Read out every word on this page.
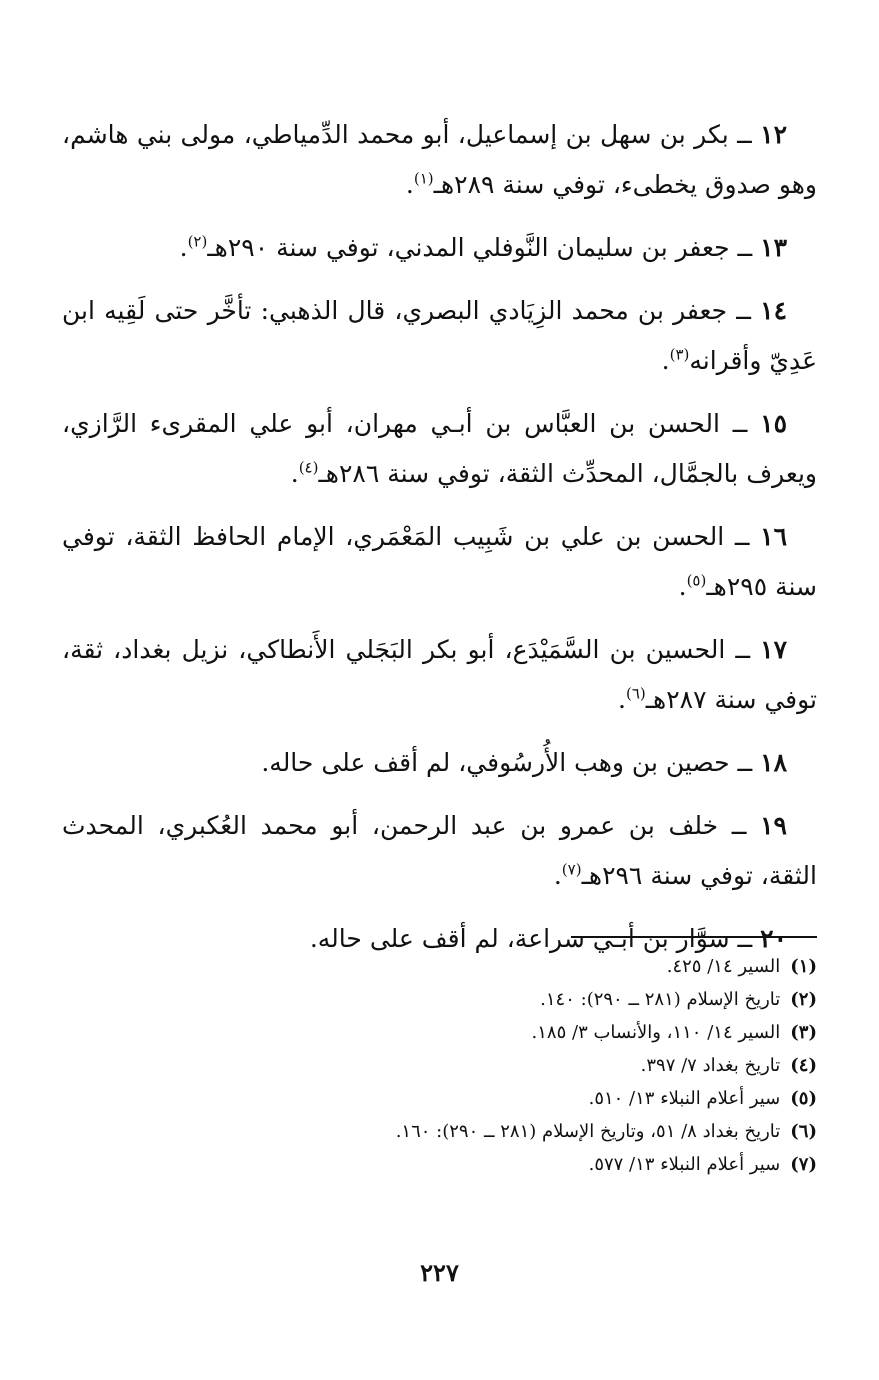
١٢ ــ بكر بن سهل بن إسماعيل، أبو محمد الدِّمياطي، مولى بني هاشم، وهو صدوق يخطىء، توفي سنة ٢٨٩هـ$^{(١)}$.

١٣ ــ جعفر بن سليمان النَّوفلي المدني، توفي سنة ٢٩٠هـ$^{(٢)}$.

١٤ ــ جعفر بن محمد الزِيَادي البصري، قال الذهبي: تأخَّر حتى لَقِيه ابن عَدِيّ وأقرانه$^{(٣)}$.

١٥ ــ الحسن بن العبَّاس بن أبـي مهران، أبو علي المقرىء الرَّازي، ويعرف بالجمَّال، المحدِّث الثقة، توفي سنة ٢٨٦هـ$^{(٤)}$.

١٦ ــ الحسن بن علي بن شَبِيب المَعْمَري، الإمام الحافظ الثقة، توفي سنة ٢٩٥هـ$^{(٥)}$.

١٧ ــ الحسين بن السَّمَيْدَع، أبو بكر البَجَلي الأَنطاكي، نزيل بغداد، ثقة، توفي سنة ٢٨٧هـ$^{(٦)}$.

١٨ ــ حصين بن وهب الأُرسُوفي، لم أقف على حاله.

١٩ ــ خلف بن عمرو بن عبد الرحمن، أبو محمد العُكبري، المحدث الثقة، توفي سنة ٢٩٦هـ$^{(٧)}$.

٢٠ ــ سوَّار بن أبـي سراعة، لم أقف على حاله.

(١)السير ١٤/ ٤٢٥.
(٢)تاريخ الإسلام (٢٨١ ــ ٢٩٠): ١٤٠.
(٣)السير ١٤/ ١١٠، والأنساب ٣/ ١٨٥.
(٤)تاريخ بغداد ٧/ ٣٩٧.
(٥)سير أعلام النبلاء ١٣/ ٥١٠.
(٦)تاريخ بغداد ٨/ ٥١، وتاريخ الإسلام (٢٨١ ــ ٢٩٠): ١٦٠.
(٧)سير أعلام النبلاء ١٣/ ٥٧٧.
٢٢٧
